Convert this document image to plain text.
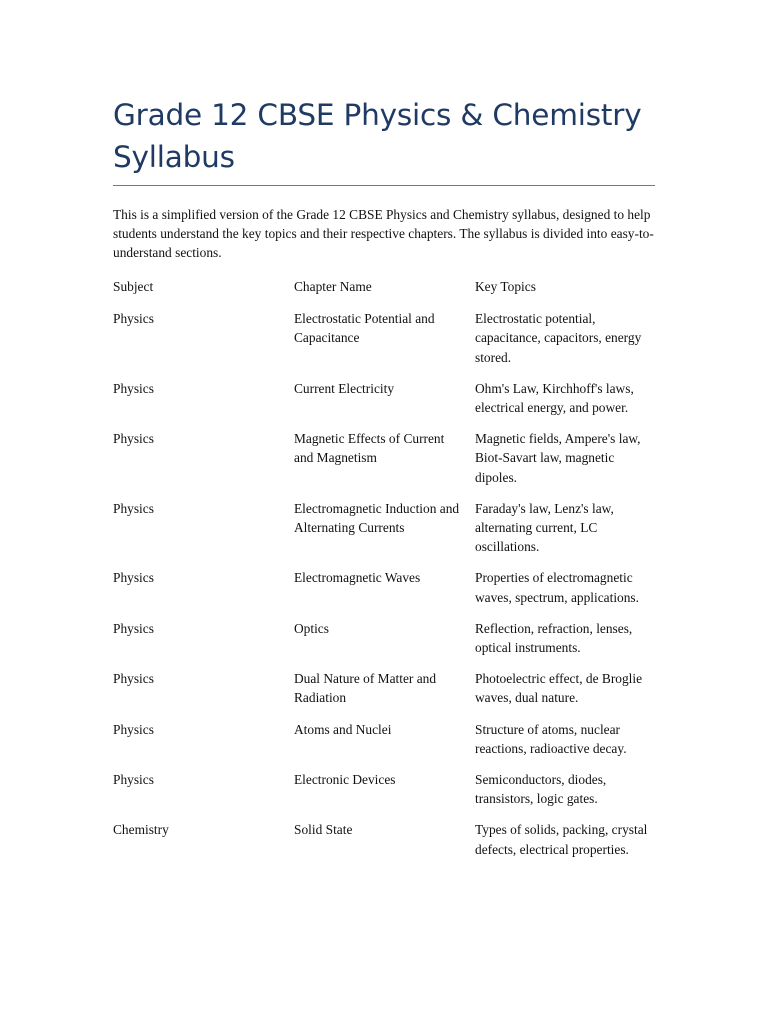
Grade 12 CBSE Physics & Chemistry Syllabus

This is a simplified version of the Grade 12 CBSE Physics and Chemistry syllabus, designed to help students understand the key topics and their respective chapters. The syllabus is divided into easy-to-understand sections.

Subject	Chapter Name	Key Topics
Physics	Electrostatic Potential and Capacitance	Electrostatic potential, capacitance, capacitors, energy stored.
Physics	Current Electricity	Ohm's Law, Kirchhoff's laws, electrical energy, and power.
Physics	Magnetic Effects of Current and Magnetism	Magnetic fields, Ampere's law, Biot-Savart law, magnetic dipoles.
Physics	Electromagnetic Induction and Alternating Currents	Faraday's law, Lenz's law, alternating current, LC oscillations.
Physics	Electromagnetic Waves	Properties of electromagnetic waves, spectrum, applications.
Physics	Optics	Reflection, refraction, lenses, optical instruments.
Physics	Dual Nature of Matter and Radiation	Photoelectric effect, de Broglie waves, dual nature.
Physics	Atoms and Nuclei	Structure of atoms, nuclear reactions, radioactive decay.
Physics	Electronic Devices	Semiconductors, diodes, transistors, logic gates.
Chemistry	Solid State	Types of solids, packing, crystal defects, electrical properties.
